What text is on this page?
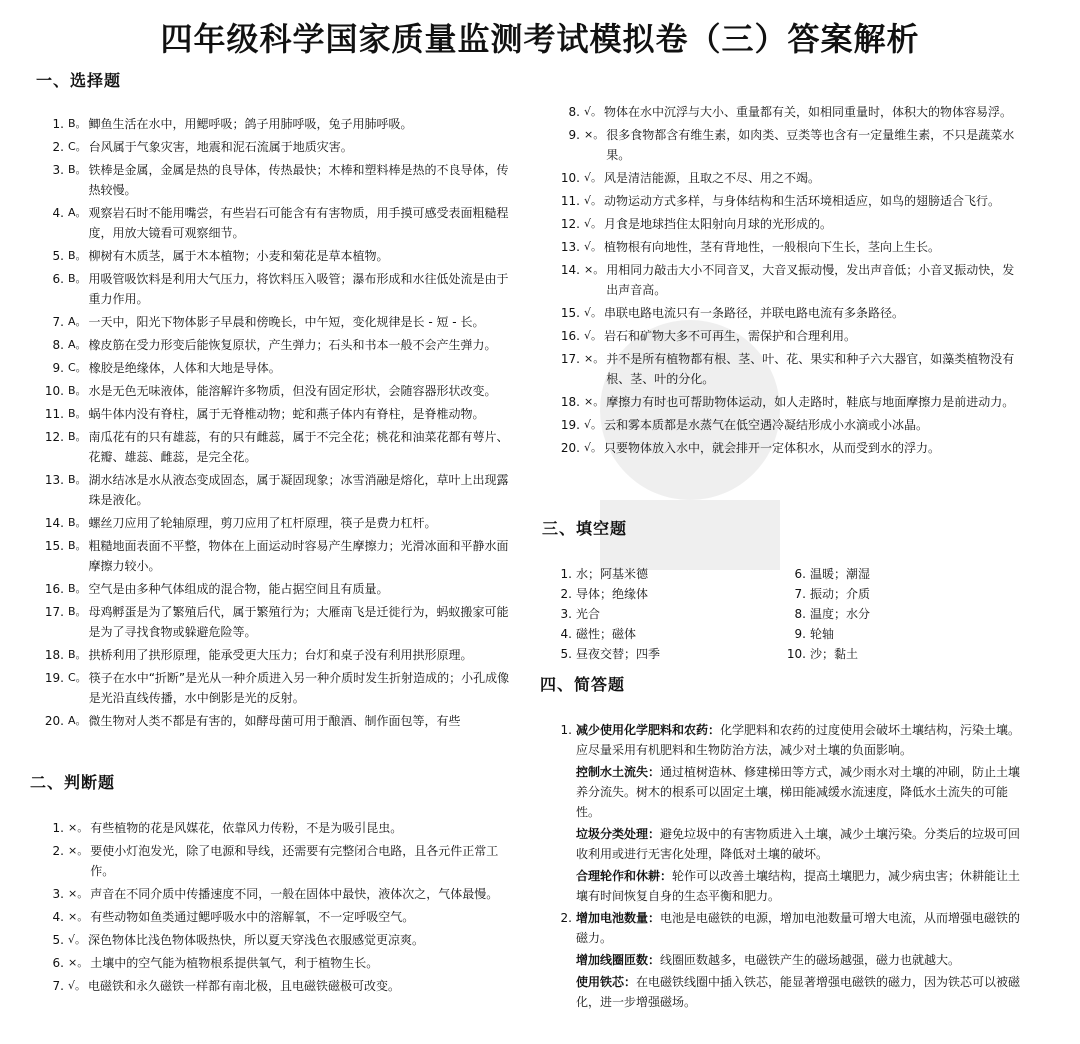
四年级科学国家质量监测考试模拟卷（三）答案解析
一、选择题
1. B。 鲫鱼生活在水中，用鳃呼吸；鸽子用肺呼吸，兔子用肺呼吸。
2. C。 台风属于气象灾害，地震和泥石流属于地质灾害。
3. B。 铁棒是金属，金属是热的良导体，传热最快；木棒和塑料棒是热的不良导体，传热较慢。
4. A。 观察岩石时不能用嘴尝，有些岩石可能含有有害物质，用手摸可感受表面粗糙程度，用放大镜看可观察细节。
5. B。 柳树有木质茎，属于木本植物；小麦和菊花是草本植物。
6. B。 用吸管吸饮料是利用大气压力，将饮料压入吸管；瀑布形成和水往低处流是由于重力作用。
7. A。 一天中，阳光下物体影子早晨和傍晚长，中午短，变化规律是长 - 短 - 长。
8. A。 橡皮筋在受力形变后能恢复原状，产生弹力；石头和书本一般不会产生弹力。
9. C。 橡胶是绝缘体，人体和大地是导体。
10. B。 水是无色无味液体，能溶解许多物质，但没有固定形状，会随容器形状改变。
11. B。 蜗牛体内没有脊柱，属于无脊椎动物；蛇和燕子体内有脊柱，是脊椎动物。
12. B。 南瓜花有的只有雄蕊，有的只有雌蕊，属于不完全花；桃花和油菜花都有萼片、花瓣、雄蕊、雌蕊，是完全花。
13. B。 湖水结冰是水从液态变成固态，属于凝固现象；冰雪消融是熔化，草叶上出现露珠是液化。
14. B。 螺丝刀应用了轮轴原理，剪刀应用了杠杆原理，筷子是费力杠杆。
15. B。 粗糙地面表面不平整，物体在上面运动时容易产生摩擦力；光滑冰面和平静水面摩擦力较小。
16. B。 空气是由多种气体组成的混合物，能占据空间且有质量。
17. B。 母鸡孵蛋是为了繁殖后代，属于繁殖行为；大雁南飞是迁徙行为，蚂蚁搬家可能是为了寻找食物或躲避危险等。
18. B。 拱桥利用了拱形原理，能承受更大压力；台灯和桌子没有利用拱形原理。
19. C。 筷子在水中“折断”是光从一种介质进入另一种介质时发生折射造成的；小孔成像是光沿直线传播，水中倒影是光的反射。
20. A。 微生物对人类不都是有害的，如酵母菌可用于酿酒、制作面包等，有些
二、判断题
1. ×。 有些植物的花是风媒花，依靠风力传粉，不是为吸引昆虫。
2. ×。 要使小灯泡发光，除了电源和导线，还需要有完整闭合电路，且各元件正常工作。
3. ×。 声音在不同介质中传播速度不同，一般在固体中最快，液体次之，气体最慢。
4. ×。 有些动物如鱼类通过鳃呼吸水中的溶解氧，不一定呼吸空气。
5. √。 深色物体比浅色物体吸热快，所以夏天穿浅色衣服感觉更凉爽。
6. ×。 土壤中的空气能为植物根系提供氧气，利于植物生长。
7. √。 电磁铁和永久磁铁一样都有南北极，且电磁铁磁极可改变。
8. √。 物体在水中沉浮与大小、重量都有关，如相同重量时，体积大的物体容易浮。
9. ×。 很多食物都含有维生素，如肉类、豆类等也含有一定量维生素，不只是蔬菜水果。
10. √。 风是清洁能源，且取之不尽、用之不竭。
11. √。 动物运动方式多样，与身体结构和生活环境相适应，如鸟的翅膀适合飞行。
12. √。 月食是地球挡住太阳射向月球的光形成的。
13. √。 植物根有向地性，茎有背地性，一般根向下生长，茎向上生长。
14. ×。 用相同力敲击大小不同音叉，大音叉振动慢，发出声音低；小音叉振动快，发出声音高。
15. √。 串联电路电流只有一条路径，并联电路电流有多条路径。
16. √。 岩石和矿物大多不可再生，需保护和合理利用。
17. ×。 并不是所有植物都有根、茎、叶、花、果实和种子六大器官，如藻类植物没有根、茎、叶的分化。
18. ×。 摩擦力有时也可帮助物体运动，如人走路时，鞋底与地面摩擦力是前进动力。
19. √。 云和雾本质都是水蒸气在低空遇冷凝结形成小水滴或小冰晶。
20. √。 只要物体放入水中，就会排开一定体积水，从而受到水的浮力。
三、填空题
1. 水；阿基米德	6. 温暖；潮湿
2. 导体；绝缘体	7. 振动；介质
3. 光合	8. 温度；水分
4. 磁性；磁体	9. 轮轴
5. 昼夜交替；四季	10. 沙；黏土
四、简答题
1. 减少使用化学肥料和农药：化学肥料和农药的过度使用会破坏土壤结构，污染土壤。应尽量采用有机肥料和生物防治方法，减少对土壤的负面影响。
控制水土流失：通过植树造林、修建梯田等方式，减少雨水对土壤的冲刷，防止土壤养分流失。树木的根系可以固定土壤，梯田能减缓水流速度，降低水土流失的可能性。
垃圾分类处理：避免垃圾中的有害物质进入土壤，减少土壤污染。分类后的垃圾可回收利用或进行无害化处理，降低对土壤的破坏。
合理轮作和休耕：轮作可以改善土壤结构，提高土壤肥力，减少病虫害；休耕能让土壤有时间恢复自身的生态平衡和肥力。
2. 增加电池数量：电池是电磁铁的电源，增加电池数量可增大电流，从而增强电磁铁的磁力。
增加线圈匝数：线圈匝数越多，电磁铁产生的磁场越强，磁力也就越大。
使用铁芯：在电磁铁线圈中插入铁芯，能显著增强电磁铁的磁力，因为铁芯可以被磁化，进一步增强磁场。
